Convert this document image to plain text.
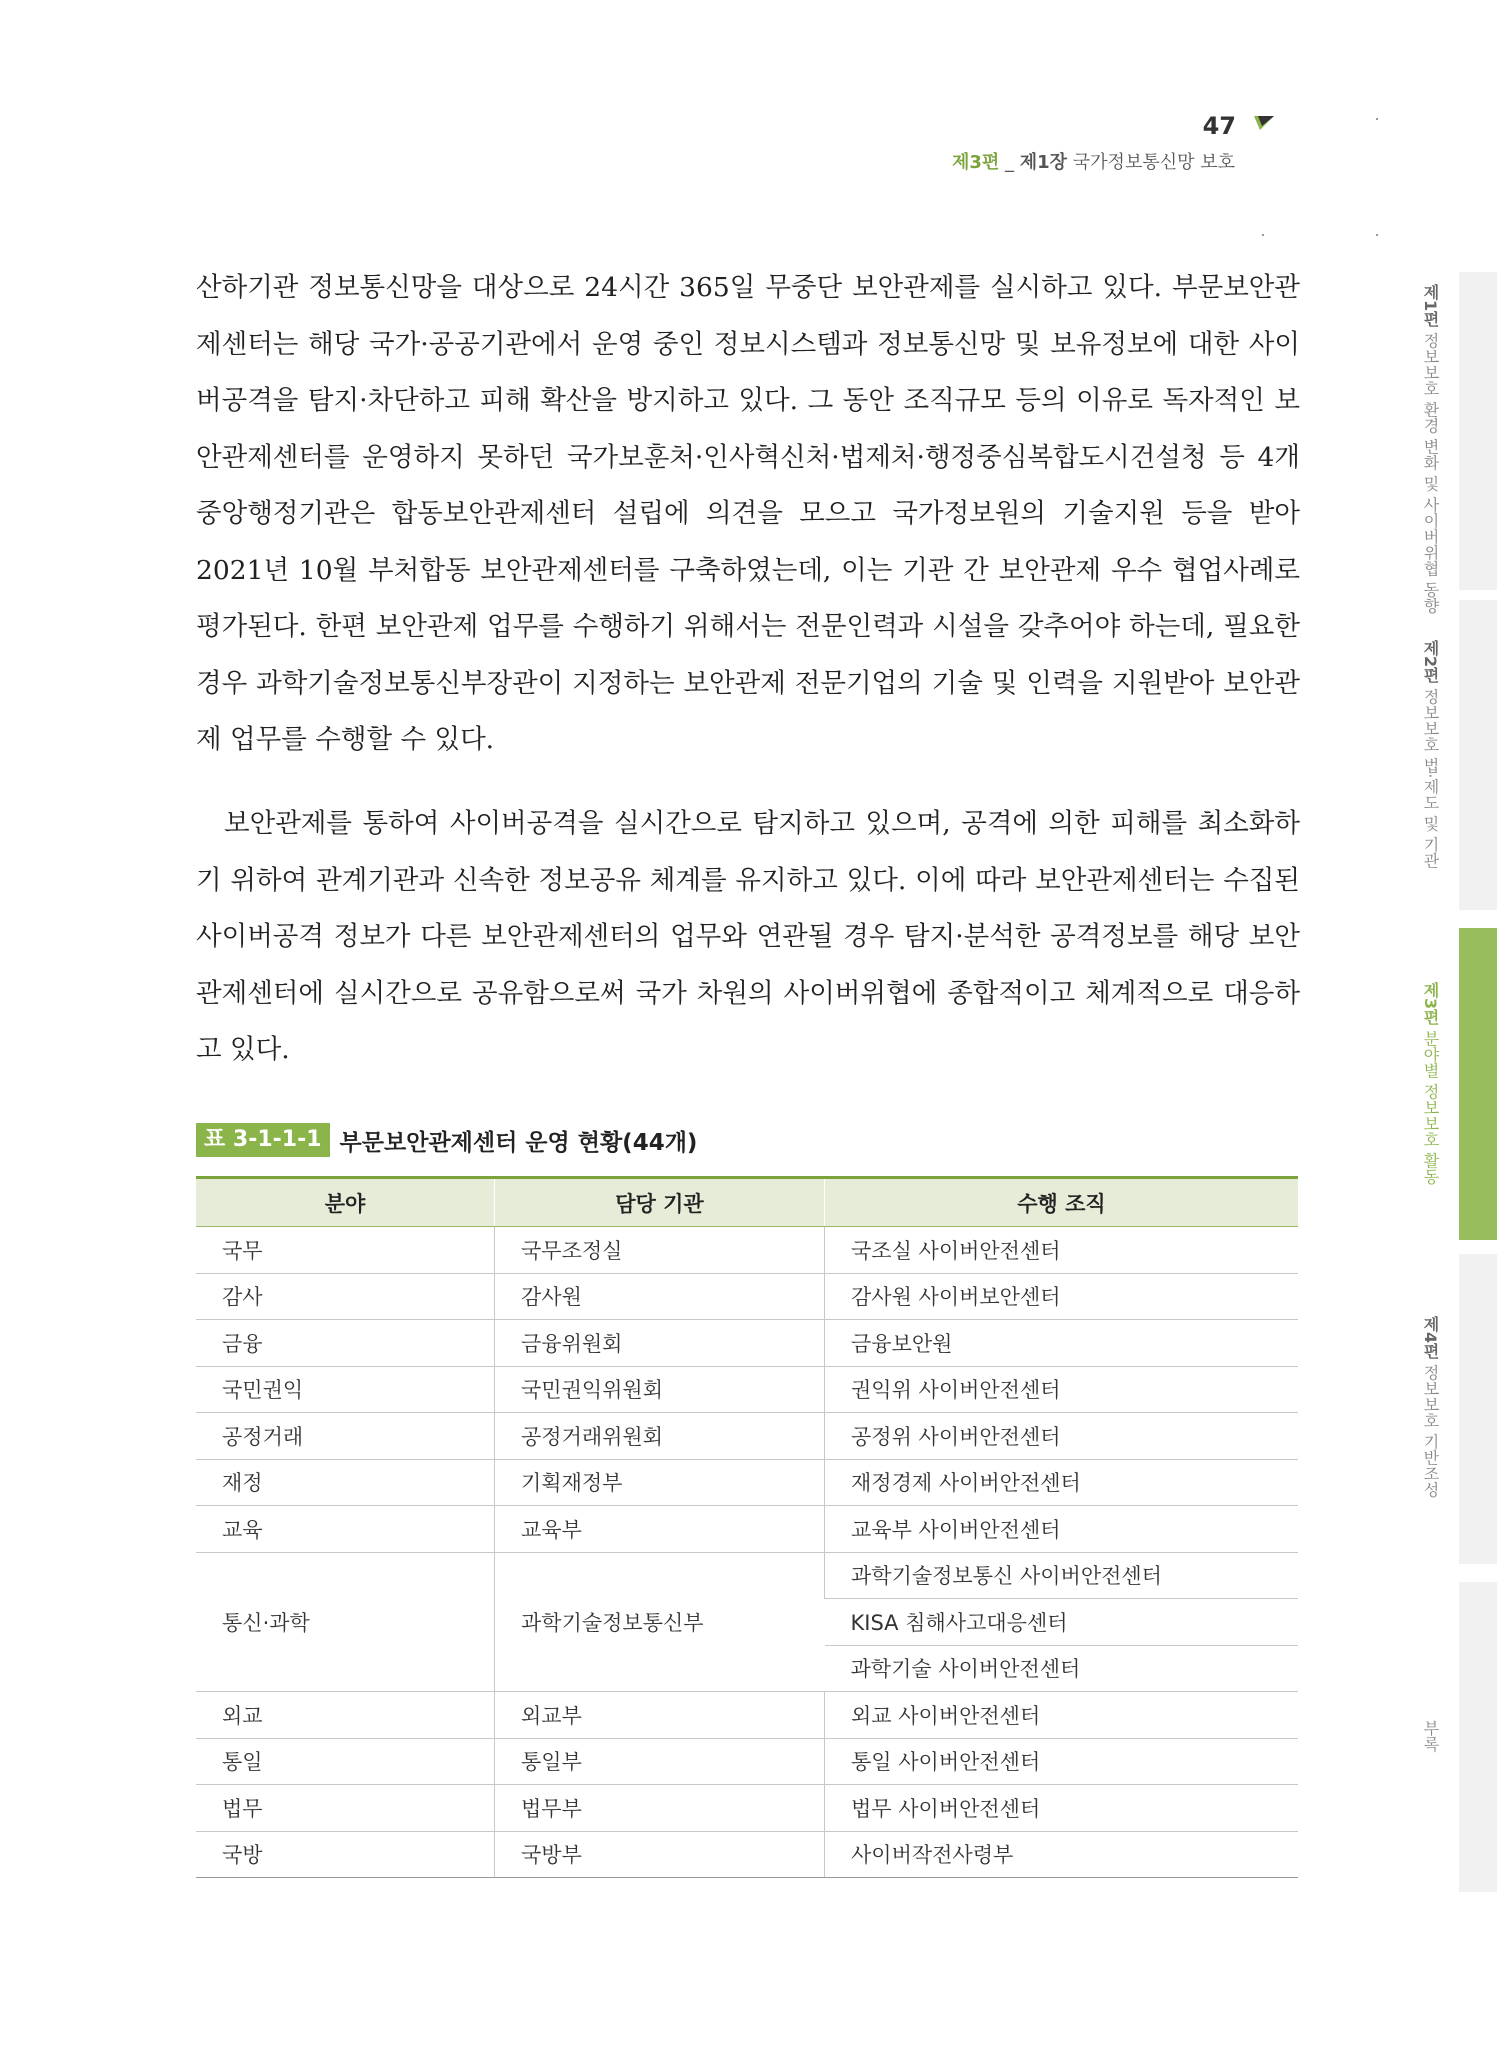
47
제3편 _ 제1장 국가정보통신망 보호

산하기관 정보통신망을 대상으로 24시간 365일 무중단 보안관제를 실시하고 있다. 부문보안관제센터는 해당 국가·공공기관에서 운영 중인 정보시스템과 정보통신망 및 보유정보에 대한 사이버공격을 탐지·차단하고 피해 확산을 방지하고 있다. 그 동안 조직규모 등의 이유로 독자적인 보안관제센터를 운영하지 못하던 국가보훈처·인사혁신처·법제처·행정중심복합도시건설청 등 4개 중앙행정기관은 합동보안관제센터 설립에 의견을 모으고 국가정보원의 기술지원 등을 받아 2021년 10월 부처합동 보안관제센터를 구축하였는데, 이는 기관 간 보안관제 우수 협업사례로 평가된다. 한편 보안관제 업무를 수행하기 위해서는 전문인력과 시설을 갖추어야 하는데, 필요한 경우 과학기술정보통신부장관이 지정하는 보안관제 전문기업의 기술 및 인력을 지원받아 보안관제 업무를 수행할 수 있다.

보안관제를 통하여 사이버공격을 실시간으로 탐지하고 있으며, 공격에 의한 피해를 최소화하기 위하여 관계기관과 신속한 정보공유 체계를 유지하고 있다. 이에 따라 보안관제센터는 수집된 사이버공격 정보가 다른 보안관제센터의 업무와 연관될 경우 탐지·분석한 공격정보를 해당 보안관제센터에 실시간으로 공유함으로써 국가 차원의 사이버위협에 종합적이고 체계적으로 대응하고 있다.

표 3-1-1-1 부문보안관제센터 운영 현황(44개)
분야	담당 기관	수행 조직
국무	국무조정실	국조실 사이버안전센터
감사	감사원	감사원 사이버보안센터
금융	금융위원회	금융보안원
국민권익	국민권익위원회	권익위 사이버안전센터
공정거래	공정거래위원회	공정위 사이버안전센터
재정	기획재정부	재정경제 사이버안전센터
교육	교육부	교육부 사이버안전센터
통신·과학	과학기술정보통신부	과학기술정보통신 사이버안전센터
		KISA 침해사고대응센터
		과학기술 사이버안전센터
외교	외교부	외교 사이버안전센터
통일	통일부	통일 사이버안전센터
법무	법무부	법무 사이버안전센터
국방	국방부	사이버작전사령부
제1편 정보보호 환경 변화 및 사이버위협 동향
제2편 정보보호 법·제도 및 기관
제3편 분야별 정보보호 활동
제4편 정보보호 기반조성
부록
